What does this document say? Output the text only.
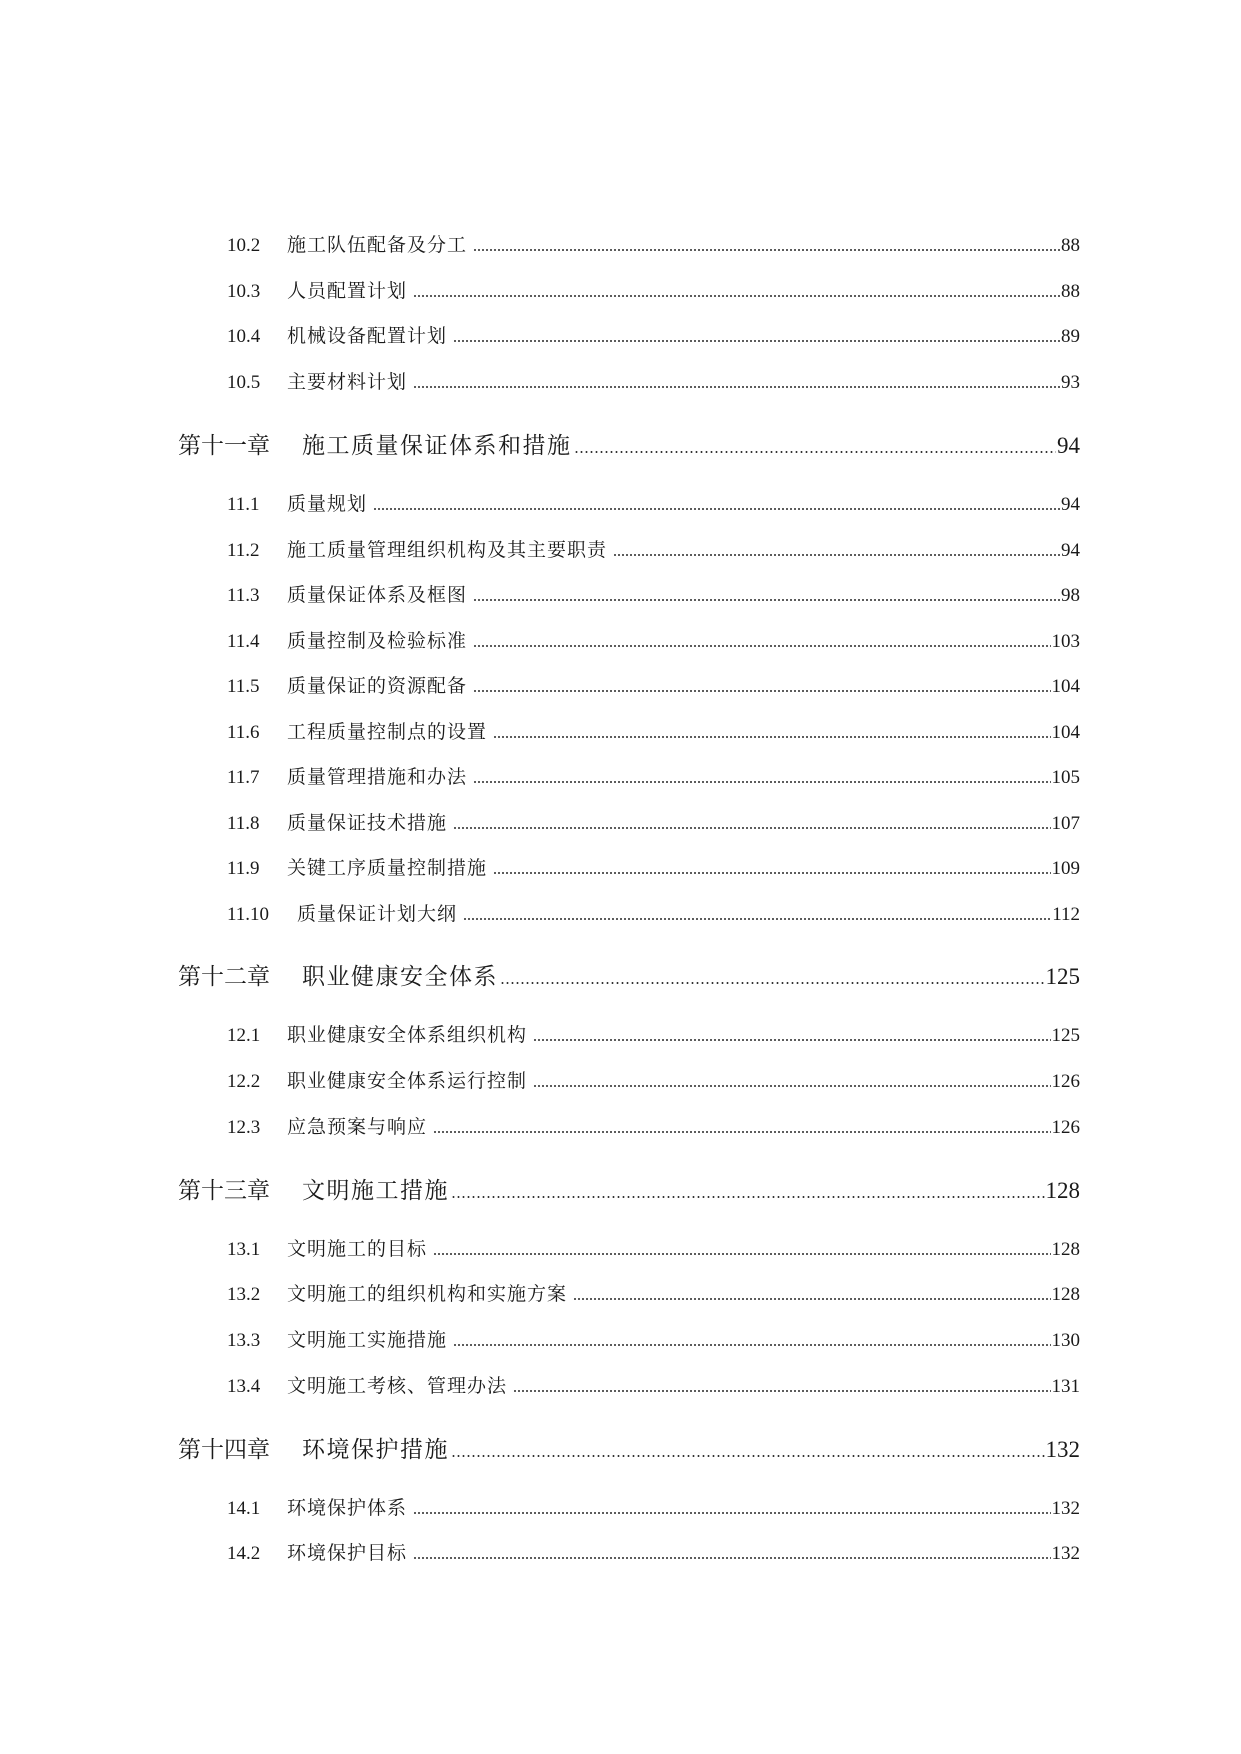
10.2	施工队伍配备及分工	88
10.3	人员配置计划	88
10.4	机械设备配置计划	89
10.5	主要材料计划	93
第十一章	施工质量保证体系和措施	94
11.1	质量规划	94
11.2	施工质量管理组织机构及其主要职责	94
11.3	质量保证体系及框图	98
11.4	质量控制及检验标准	103
11.5	质量保证的资源配备	104
11.6	工程质量控制点的设置	104
11.7	质量管理措施和办法	105
11.8	质量保证技术措施	107
11.9	关键工序质量控制措施	109
11.10	质量保证计划大纲	112
第十二章	职业健康安全体系	125
12.1	职业健康安全体系组织机构	125
12.2	职业健康安全体系运行控制	126
12.3	应急预案与响应	126
第十三章	文明施工措施	128
13.1	文明施工的目标	128
13.2	文明施工的组织机构和实施方案	128
13.3	文明施工实施措施	130
13.4	文明施工考核、管理办法	131
第十四章	环境保护措施	132
14.1	环境保护体系	132
14.2	环境保护目标	132
